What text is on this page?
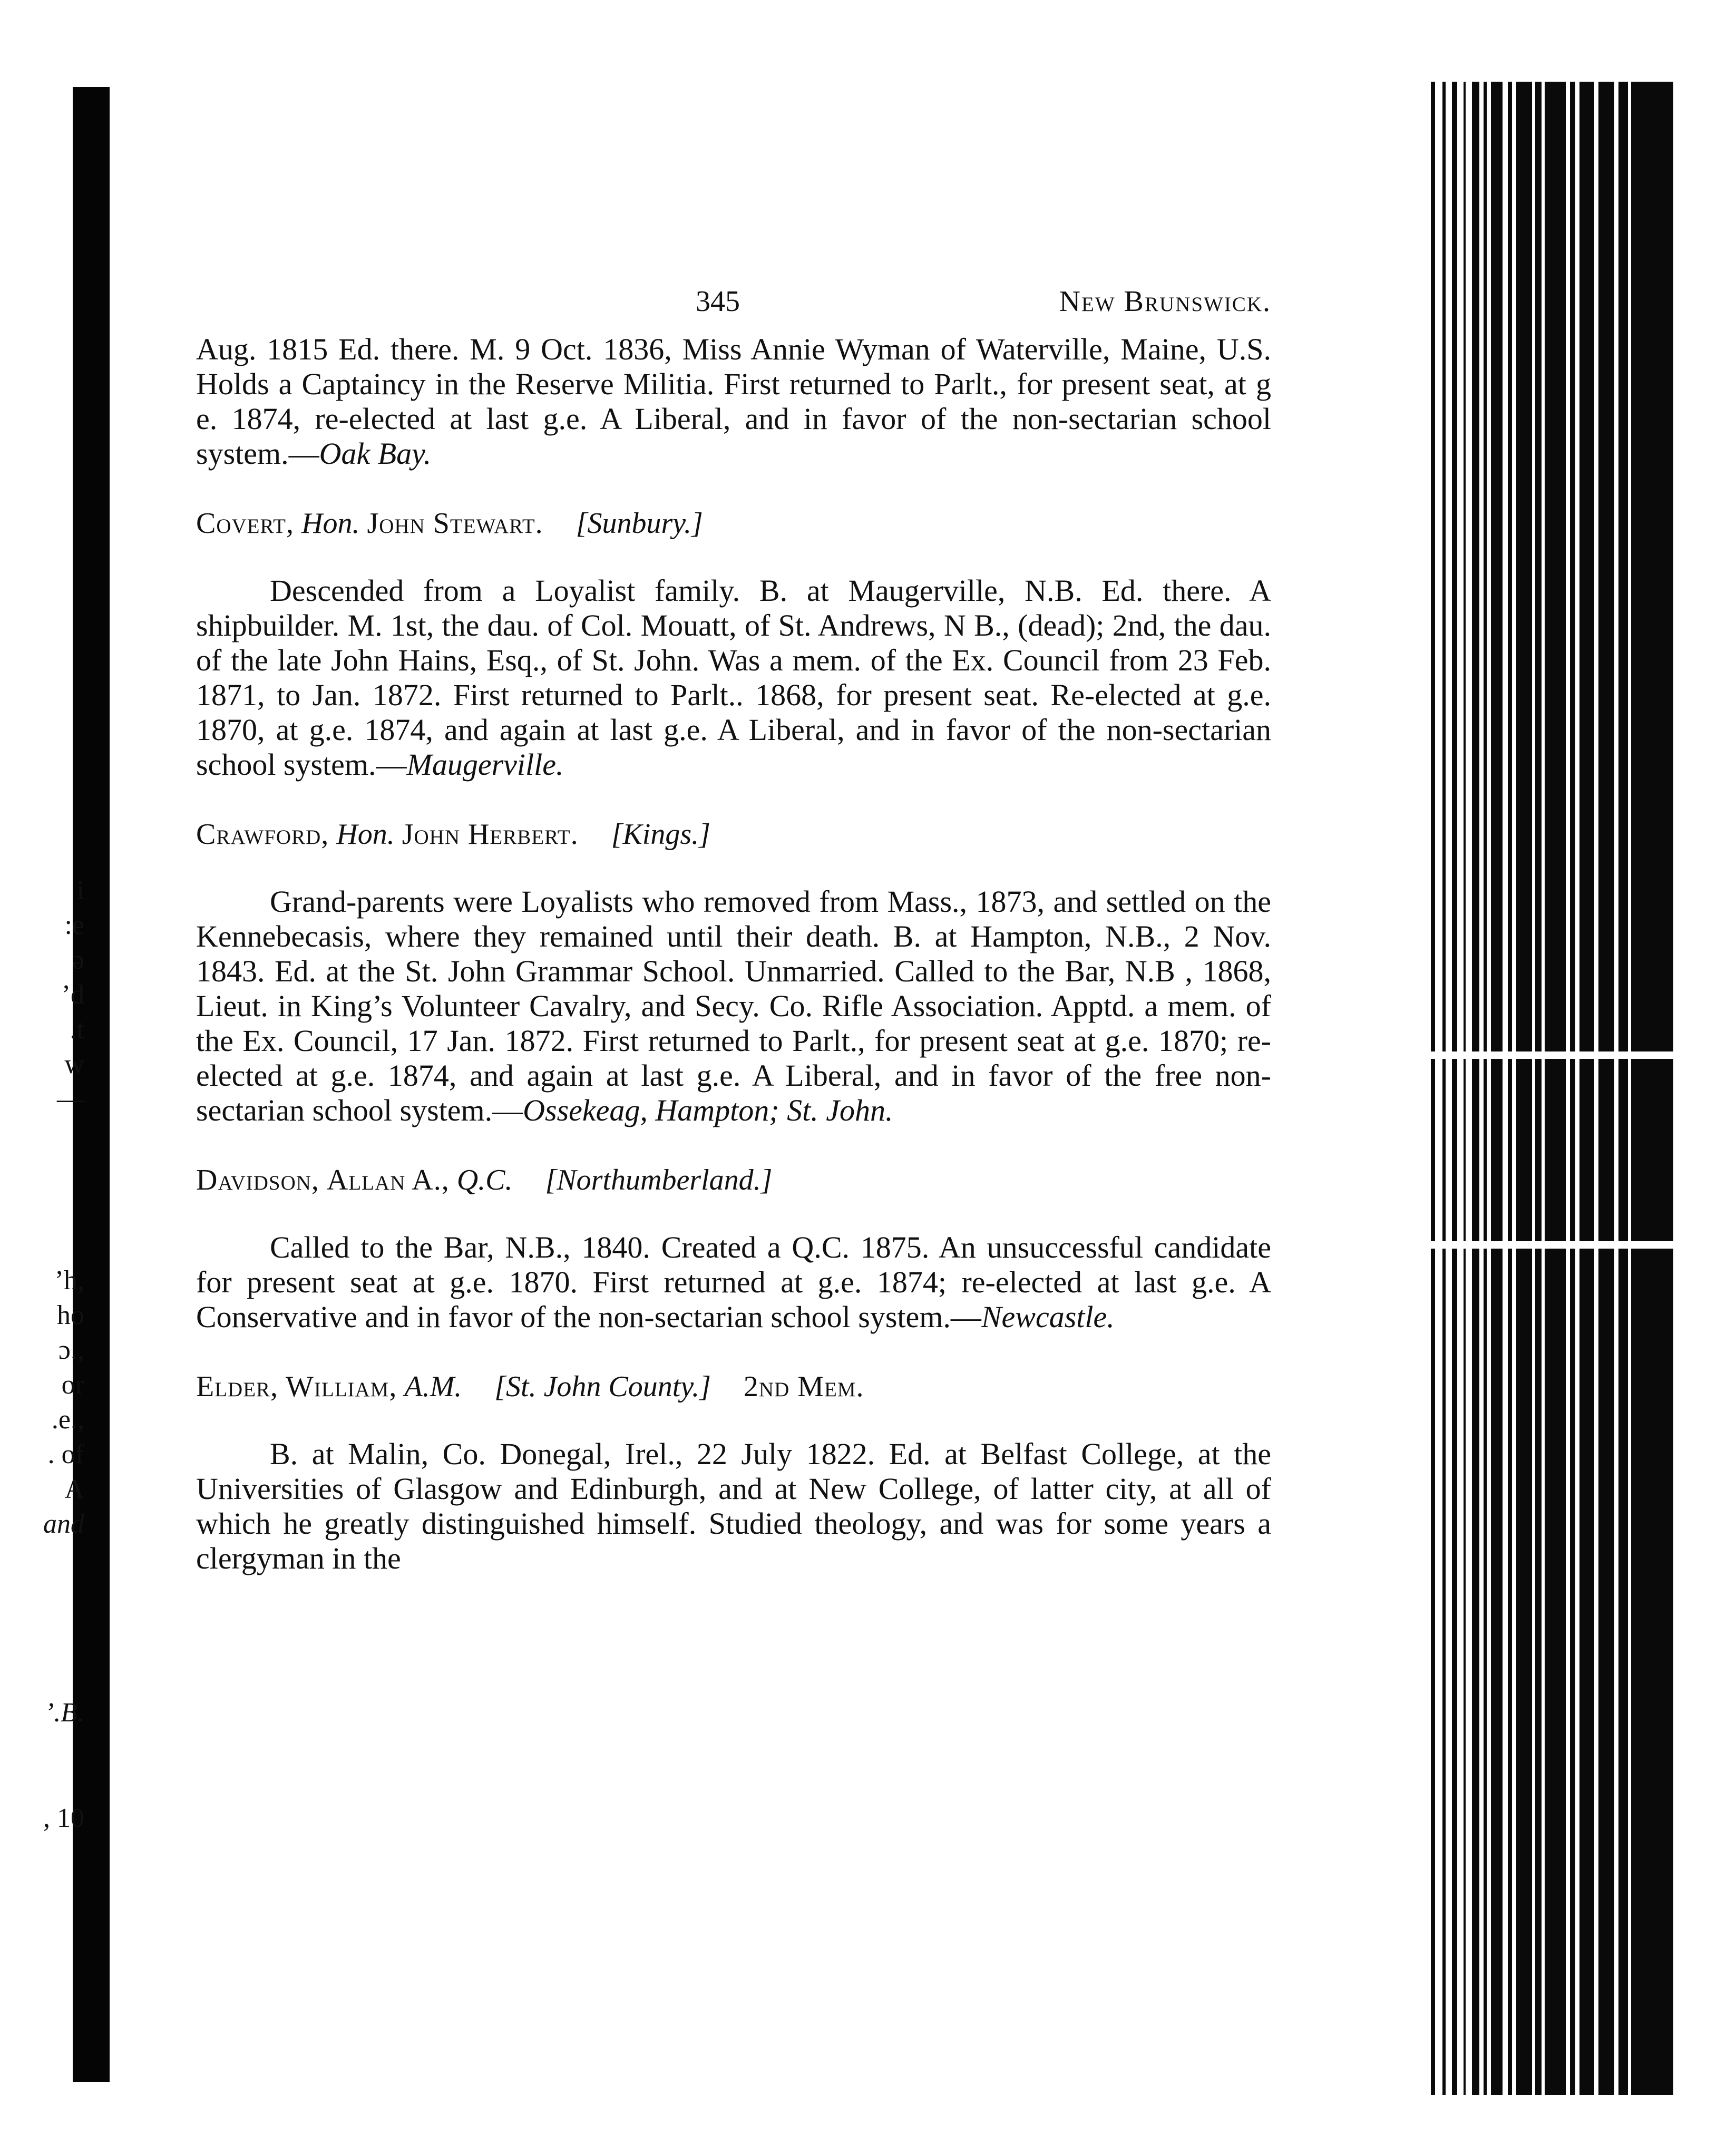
i
:e
ə
’d
.t
w
—
ʼh,
ho
ɔ.,
or
.e.,
. of
A
and
ʼ.B.
, 10
345	New Brunswick.

Aug. 1815 Ed. there. M. 9 Oct. 1836, Miss Annie Wyman of Waterville, Maine, U.S. Holds a Captaincy in the Reserve Militia. First returned to Parlt., for present seat, at g e. 1874, re-elected at last g.e. A Liberal, and in favor of the non-sectarian school system.—Oak Bay.

Covert, Hon. John Stewart. [Sunbury.]

Descended from a Loyalist family. B. at Maugerville, N.B. Ed. there. A shipbuilder. M. 1st, the dau. of Col. Mouatt, of St. Andrews, N B., (dead); 2nd, the dau. of the late John Hains, Esq., of St. John. Was a mem. of the Ex. Council from 23 Feb. 1871, to Jan. 1872. First returned to Parlt.. 1868, for present seat. Re-elected at g.e. 1870, at g.e. 1874, and again at last g.e. A Liberal, and in favor of the non-sectarian school system.—Maugerville.

Crawford, Hon. John Herbert. [Kings.]

Grand-parents were Loyalists who removed from Mass., 1873, and settled on the Kennebecasis, where they remained until their death. B. at Hampton, N.B., 2 Nov. 1843. Ed. at the St. John Grammar School. Unmarried. Called to the Bar, N.B , 1868, Lieut. in King’s Volunteer Cavalry, and Secy. Co. Rifle Association. Apptd. a mem. of the Ex. Council, 17 Jan. 1872. First returned to Parlt., for present seat at g.e. 1870; re-elected at g.e. 1874, and again at last g.e. A Liberal, and in favor of the free non-sectarian school system.—Ossekeag, Hampton; St. John.

Davidson, Allan A., Q.C. [Northumberland.]

Called to the Bar, N.B., 1840. Created a Q.C. 1875. An unsuccessful candidate for present seat at g.e. 1870. First returned at g.e. 1874; re-elected at last g.e. A Conservative and in favor of the non-sectarian school system.—Newcastle.

Elder, William, A.M. [St. John County.] 2nd Mem.

B. at Malin, Co. Donegal, Irel., 22 July 1822. Ed. at Belfast College, at the Universities of Glasgow and Edinburgh, and at New College, of latter city, at all of which he greatly distinguished himself. Studied theology, and was for some years a clergyman in the
